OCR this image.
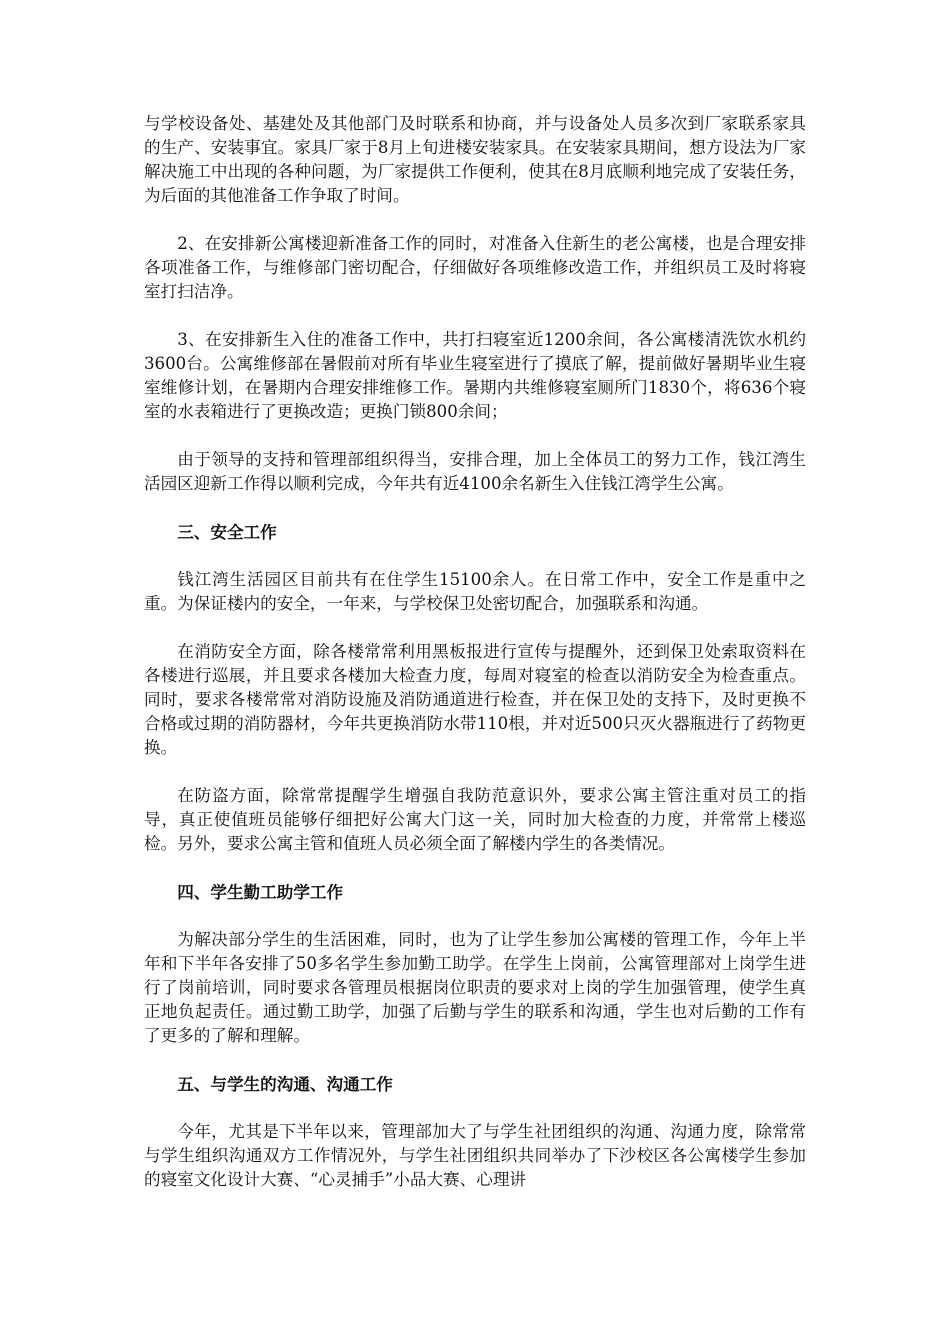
与学校设备处、基建处及其他部门及时联系和协商，并与设备处人员多次到厂家联系家具的生产、安装事宜。家具厂家于8月上旬进楼安装家具。在安装家具期间，想方设法为厂家解决施工中出现的各种问题，为厂家提供工作便利，使其在8月底顺利地完成了安装任务，为后面的其他准备工作争取了时间。

2、在安排新公寓楼迎新准备工作的同时，对准备入住新生的老公寓楼，也是合理安排各项准备工作，与维修部门密切配合，仔细做好各项维修改造工作，并组织员工及时将寝室打扫洁净。

3、在安排新生入住的准备工作中，共打扫寝室近1200余间，各公寓楼清洗饮水机约3600台。公寓维修部在暑假前对所有毕业生寝室进行了摸底了解，提前做好暑期毕业生寝室维修计划，在暑期内合理安排维修工作。暑期内共维修寝室厕所门1830个，将636个寝室的水表箱进行了更换改造；更换门锁800余间；

由于领导的支持和管理部组织得当，安排合理，加上全体员工的努力工作，钱江湾生活园区迎新工作得以顺利完成，今年共有近4100余名新生入住钱江湾学生公寓。

三、安全工作

钱江湾生活园区目前共有在住学生15100余人。在日常工作中，安全工作是重中之重。为保证楼内的安全，一年来，与学校保卫处密切配合，加强联系和沟通。

在消防安全方面，除各楼常常利用黑板报进行宣传与提醒外，还到保卫处索取资料在各楼进行巡展，并且要求各楼加大检查力度，每周对寝室的检查以消防安全为检查重点。同时，要求各楼常常对消防设施及消防通道进行检查，并在保卫处的支持下，及时更换不合格或过期的消防器材，今年共更换消防水带110根，并对近500只灭火器瓶进行了药物更换。

在防盗方面，除常常提醒学生增强自我防范意识外，要求公寓主管注重对员工的指导，真正使值班员能够仔细把好公寓大门这一关，同时加大检查的力度，并常常上楼巡检。另外，要求公寓主管和值班人员必须全面了解楼内学生的各类情况。

四、学生勤工助学工作

为解决部分学生的生活困难，同时，也为了让学生参加公寓楼的管理工作，今年上半年和下半年各安排了50多名学生参加勤工助学。在学生上岗前，公寓管理部对上岗学生进行了岗前培训，同时要求各管理员根据岗位职责的要求对上岗的学生加强管理，使学生真正地负起责任。通过勤工助学，加强了后勤与学生的联系和沟通，学生也对后勤的工作有了更多的了解和理解。

五、与学生的沟通、沟通工作

今年，尤其是下半年以来，管理部加大了与学生社团组织的沟通、沟通力度，除常常与学生组织沟通双方工作情况外，与学生社团组织共同举办了下沙校区各公寓楼学生参加的寝室文化设计大赛、“心灵捕手”小品大赛、心理讲
